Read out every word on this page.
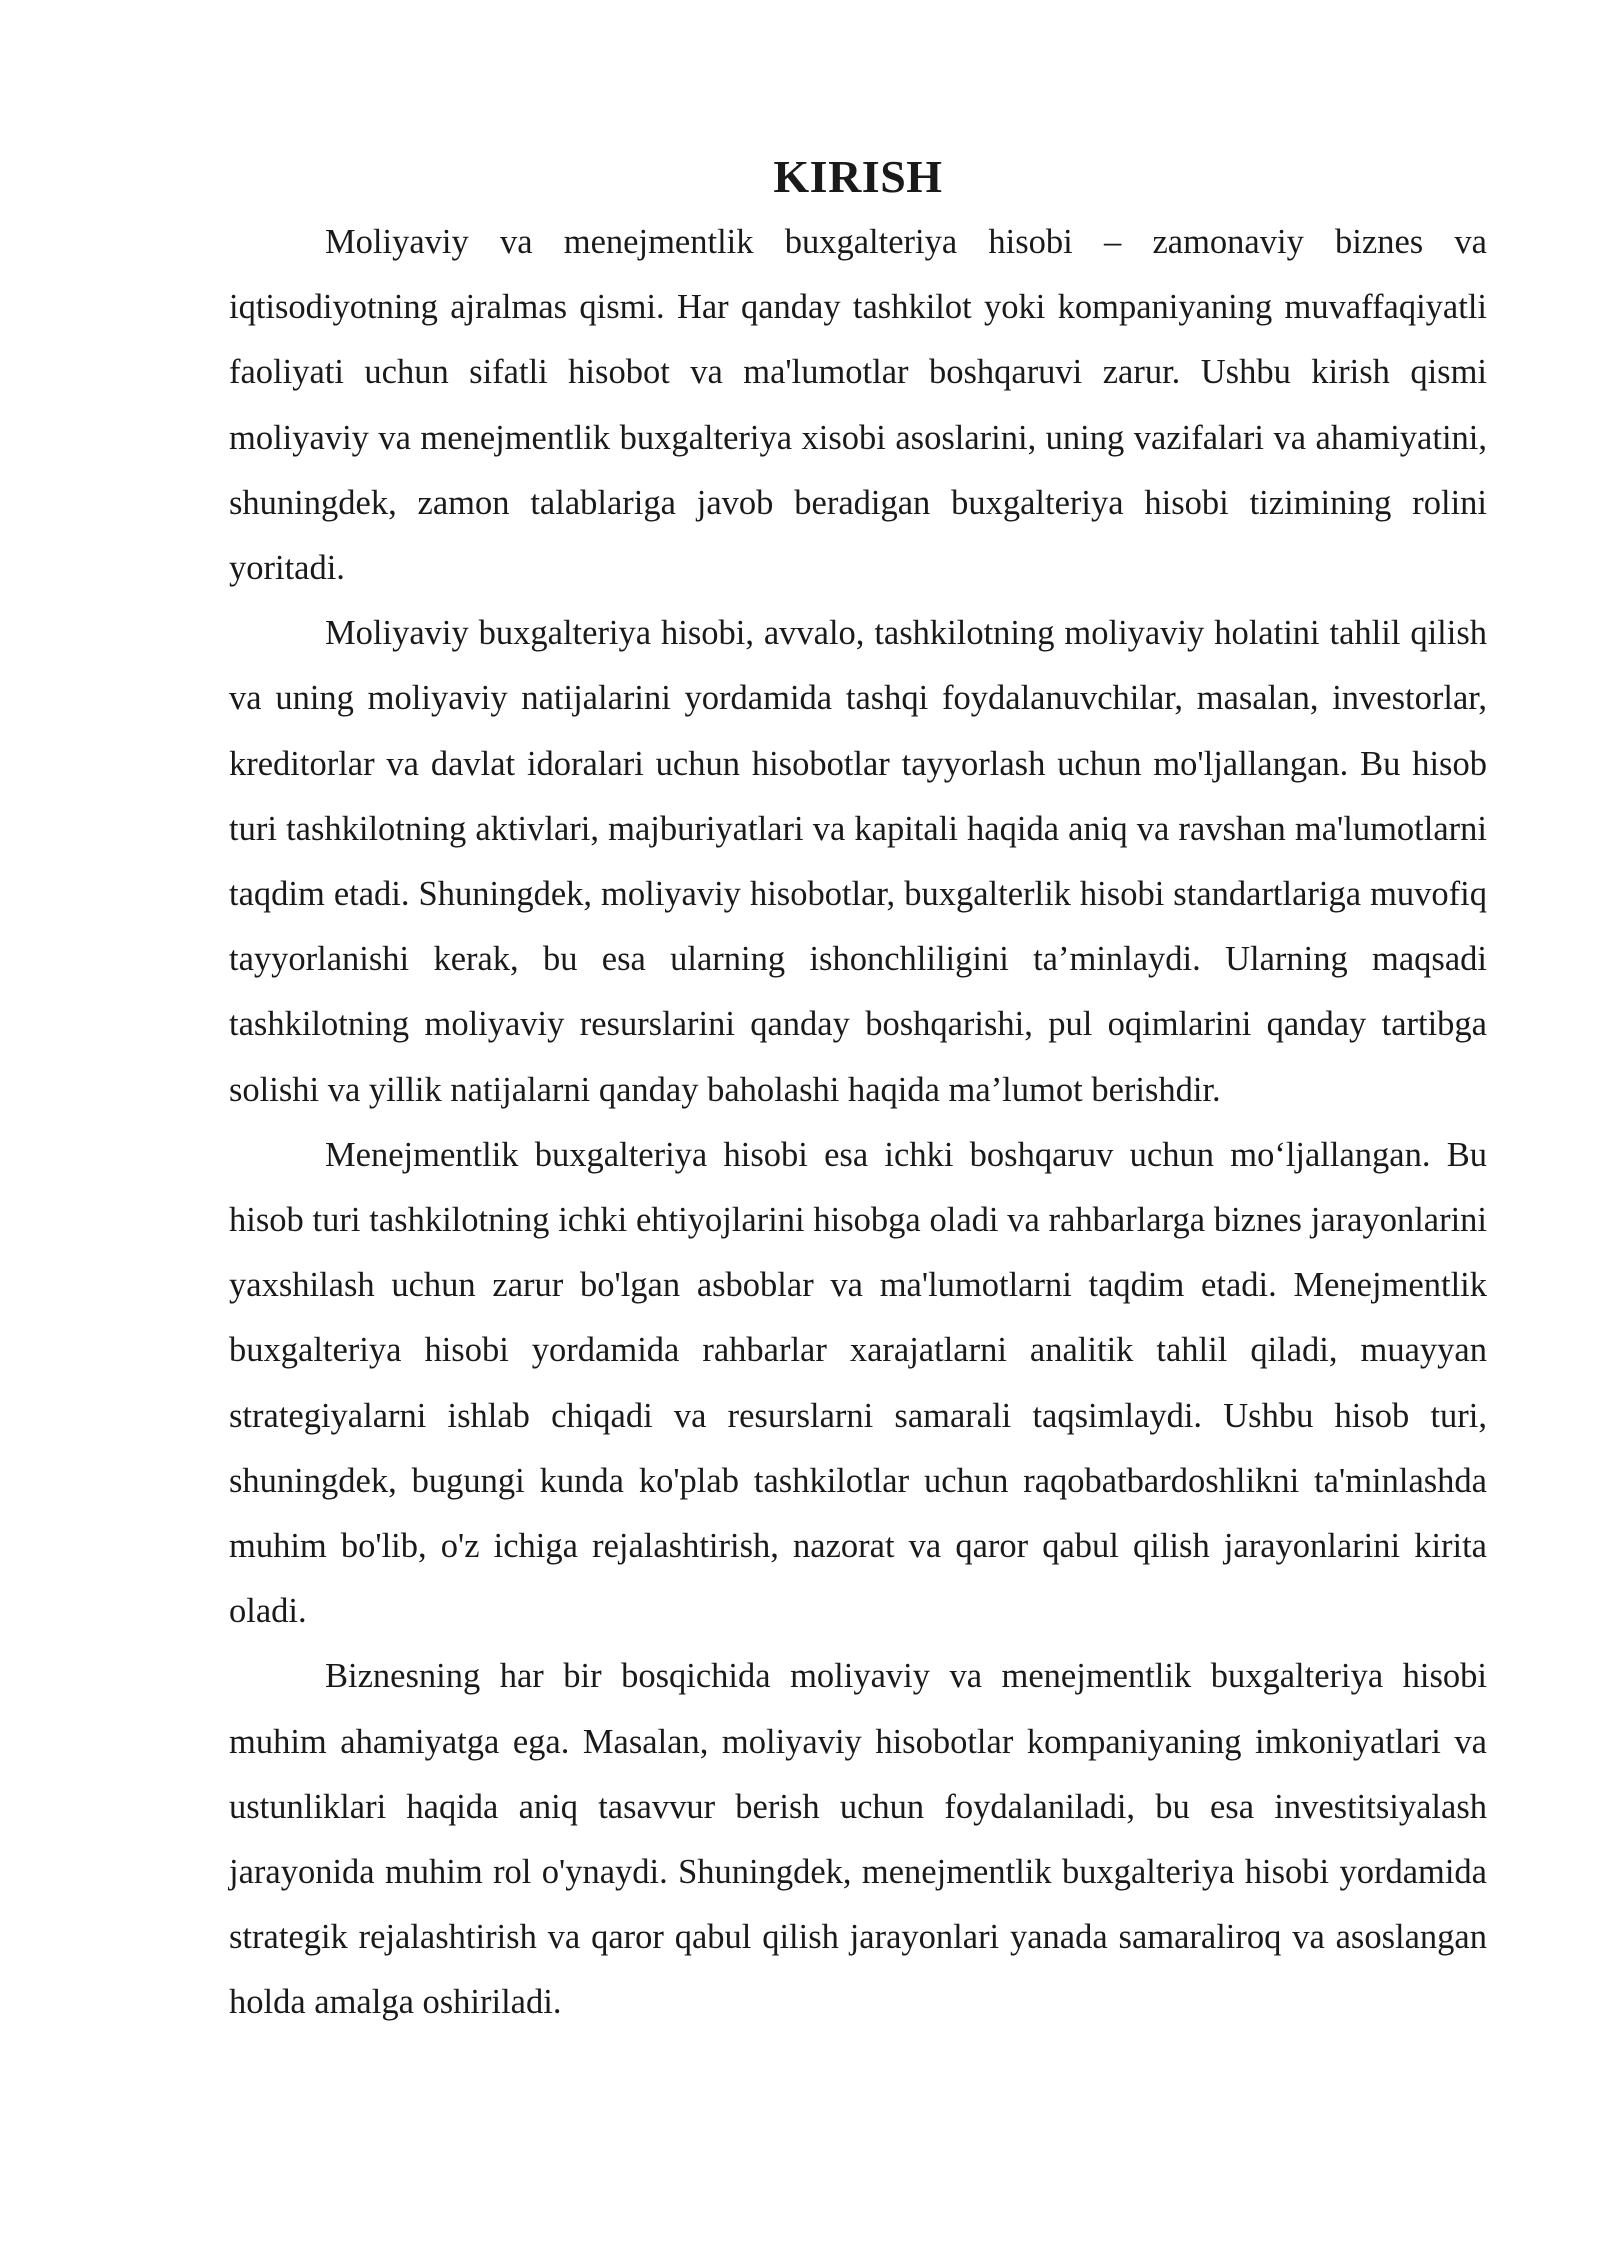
KIRISH

Moliyaviy va menejmentlik buxgalteriya hisobi – zamonaviy biznes va iqtisodiyotning ajralmas qismi. Har qanday tashkilot yoki kompaniyaning muvaffaqiyatli faoliyati uchun sifatli hisobot va ma'lumotlar boshqaruvi zarur. Ushbu kirish qismi moliyaviy va menejmentlik buxgalteriya xisobi asoslarini, uning vazifalari va ahamiyatini, shuningdek, zamon talablariga javob beradigan buxgalteriya hisobi tizimining rolini yoritadi.

Moliyaviy buxgalteriya hisobi, avvalo, tashkilotning moliyaviy holatini tahlil qilish va uning moliyaviy natijalarini yordamida tashqi foydalanuvchilar, masalan, investorlar, kreditorlar va davlat idoralari uchun hisobotlar tayyorlash uchun mo'ljallangan. Bu hisob turi tashkilotning aktivlari, majburiyatlari va kapitali haqida aniq va ravshan ma'lumotlarni taqdim etadi. Shuningdek, moliyaviy hisobotlar, buxgalterlik hisobi standartlariga muvofiq tayyorlanishi kerak, bu esa ularning ishonchliligini ta’minlaydi. Ularning maqsadi tashkilotning moliyaviy resurslarini qanday boshqarishi, pul oqimlarini qanday tartibga solishi va yillik natijalarni qanday baholashi haqida ma’lumot berishdir.

Menejmentlik buxgalteriya hisobi esa ichki boshqaruv uchun mo‘ljallangan. Bu hisob turi tashkilotning ichki ehtiyojlarini hisobga oladi va rahbarlarga biznes jarayonlarini yaxshilash uchun zarur bo'lgan asboblar va ma'lumotlarni taqdim etadi. Menejmentlik buxgalteriya hisobi yordamida rahbarlar xarajatlarni analitik tahlil qiladi, muayyan strategiyalarni ishlab chiqadi va resurslarni samarali taqsimlaydi. Ushbu hisob turi, shuningdek, bugungi kunda ko'plab tashkilotlar uchun raqobatbardoshlikni ta'minlashda muhim bo'lib, o'z ichiga rejalashtirish, nazorat va qaror qabul qilish jarayonlarini kirita oladi.

Biznesning har bir bosqichida moliyaviy va menejmentlik buxgalteriya hisobi muhim ahamiyatga ega. Masalan, moliyaviy hisobotlar kompaniyaning imkoniyatlari va ustunliklari haqida aniq tasavvur berish uchun foydalaniladi, bu esa investitsiyalash jarayonida muhim rol o'ynaydi. Shuningdek, menejmentlik buxgalteriya hisobi yordamida strategik rejalashtirish va qaror qabul qilish jarayonlari yanada samaraliroq va asoslangan holda amalga oshiriladi.
